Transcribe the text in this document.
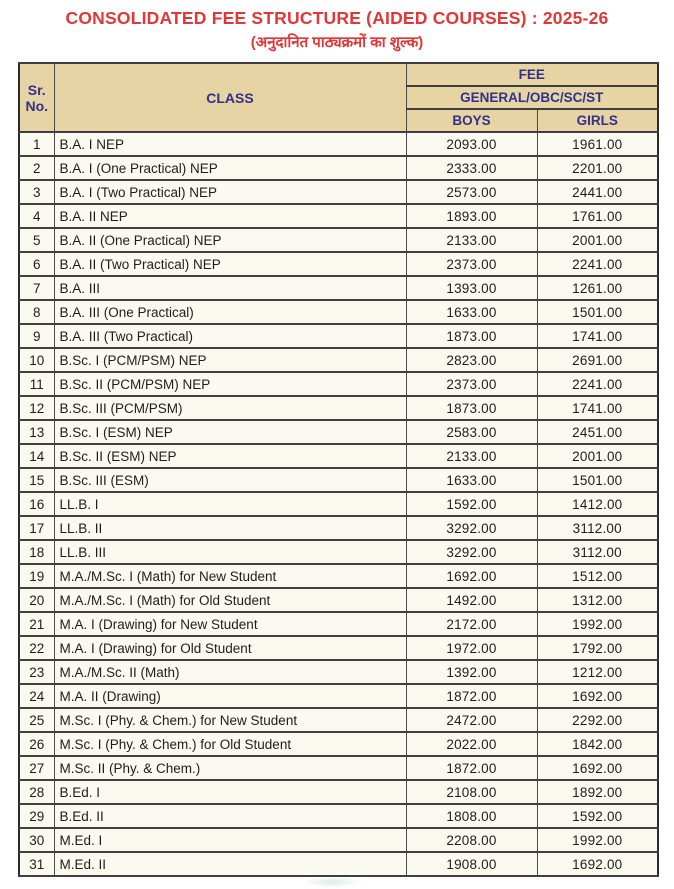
CONSOLIDATED FEE STRUCTURE (AIDED COURSES) : 2025-26
(अनुदानित पाठ्यक्रमों का शुल्क)
Sr.
No.	CLASS	FEE	
		GENERAL/OBC/SC/ST	
		BOYS	GIRLS
1	B.A. I NEP	2093.00	1961.00
2	B.A. I (One Practical) NEP	2333.00	2201.00
3	B.A. I (Two Practical) NEP	2573.00	2441.00
4	B.A. II NEP	1893.00	1761.00
5	B.A. II (One Practical) NEP	2133.00	2001.00
6	B.A. II (Two Practical) NEP	2373.00	2241.00
7	B.A. III	1393.00	1261.00
8	B.A. III (One Practical)	1633.00	1501.00
9	B.A. III (Two Practical)	1873.00	1741.00
10	B.Sc. I (PCM/PSM) NEP	2823.00	2691.00
11	B.Sc. II (PCM/PSM) NEP	2373.00	2241.00
12	B.Sc. III (PCM/PSM)	1873.00	1741.00
13	B.Sc. I (ESM) NEP	2583.00	2451.00
14	B.Sc. II (ESM) NEP	2133.00	2001.00
15	B.Sc. III (ESM)	1633.00	1501.00
16	LL.B. I	1592.00	1412.00
17	LL.B. II	3292.00	3112.00
18	LL.B. III	3292.00	3112.00
19	M.A./M.Sc. I (Math) for New Student	1692.00	1512.00
20	M.A./M.Sc. I (Math) for Old Student	1492.00	1312.00
21	M.A. I (Drawing) for New Student	2172.00	1992.00
22	M.A. I (Drawing) for Old Student	1972.00	1792.00
23	M.A./M.Sc. II (Math)	1392.00	1212.00
24	M.A. II (Drawing)	1872.00	1692.00
25	M.Sc. I (Phy. & Chem.) for New Student	2472.00	2292.00
26	M.Sc. I (Phy. & Chem.) for Old Student	2022.00	1842.00
27	M.Sc. II (Phy. & Chem.)	1872.00	1692.00
28	B.Ed. I	2108.00	1892.00
29	B.Ed. II	1808.00	1592.00
30	M.Ed. I	2208.00	1992.00
31	M.Ed. II	1908.00	1692.00
